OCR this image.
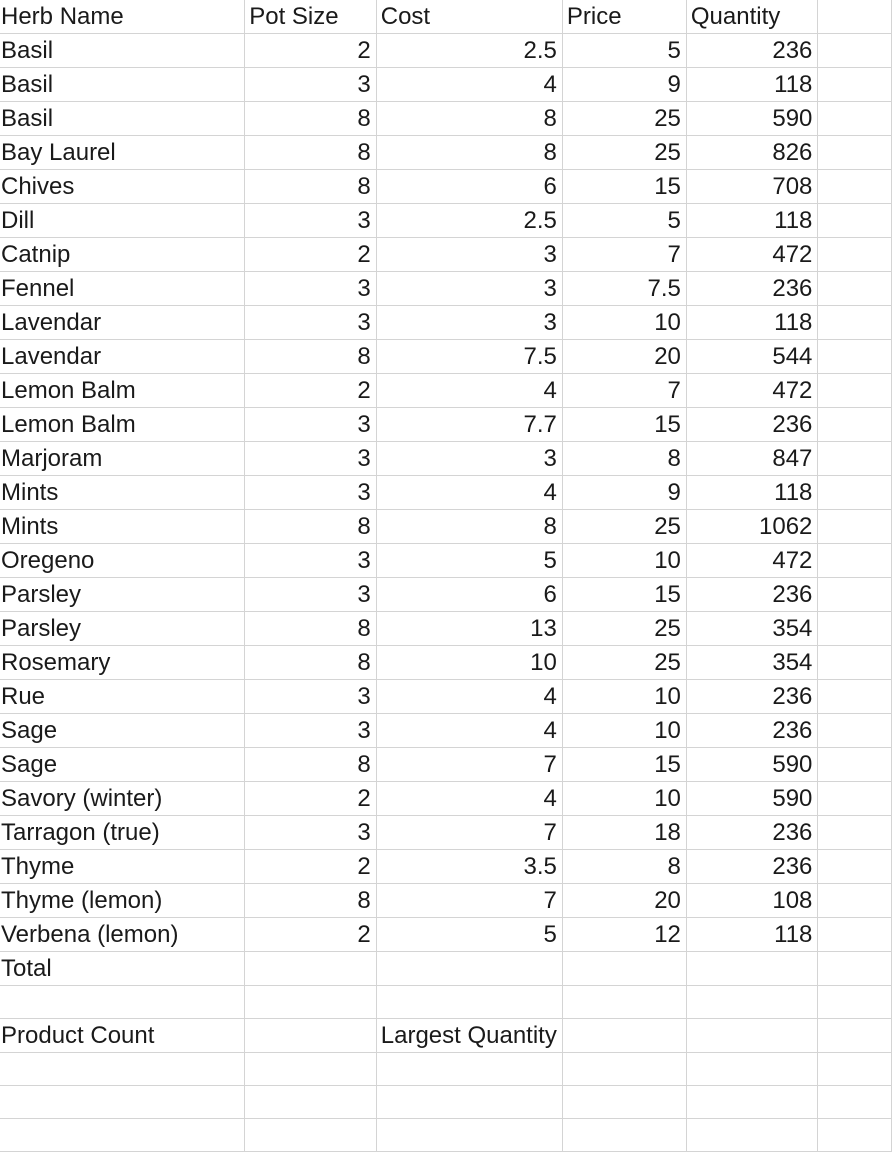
Herb Name	Pot Size	Cost	Price	Quantity	
Basil	2	2.5	5	236	
Basil	3	4	9	118	
Basil	8	8	25	590	
Bay Laurel	8	8	25	826	
Chives	8	6	15	708	
Dill	3	2.5	5	118	
Catnip	2	3	7	472	
Fennel	3	3	7.5	236	
Lavendar	3	3	10	118	
Lavendar	8	7.5	20	544	
Lemon Balm	2	4	7	472	
Lemon Balm	3	7.7	15	236	
Marjoram	3	3	8	847	
Mints	3	4	9	118	
Mints	8	8	25	1062	
Oregeno	3	5	10	472	
Parsley	3	6	15	236	
Parsley	8	13	25	354	
Rosemary	8	10	25	354	
Rue	3	4	10	236	
Sage	3	4	10	236	
Sage	8	7	15	590	
Savory (winter)	2	4	10	590	
Tarragon (true)	3	7	18	236	
Thyme	2	3.5	8	236	
Thyme (lemon)	8	7	20	108	
Verbena (lemon)	2	5	12	118	
Total					

Product Count		Largest Quantity			
